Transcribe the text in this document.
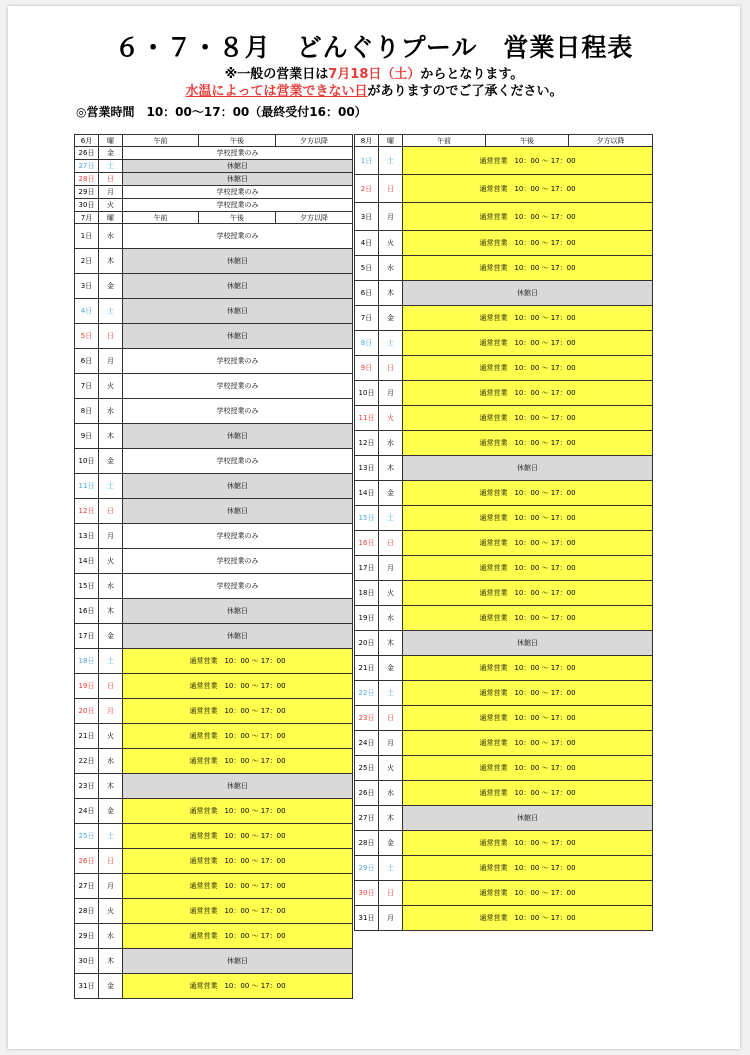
６・７・８月　どんぐりプール　営業日程表
※一般の営業日は7月18日（土）からとなります。
水温によっては営業できない日がありますのでご了承ください。
◎営業時間　10：00〜17：00（最終受付16：00）
6月	曜	午前	午後	夕方以降
26日	金	学校授業のみ		
27日	土	休館日		
28日	日	休館日		
29日	月	学校授業のみ		
30日	火	学校授業のみ		
7月	曜	午前	午後	夕方以降
1日	水	学校授業のみ		
2日	木	休館日		
3日	金	休館日		
4日	土	休館日		
5日	日	休館日		
6日	月	学校授業のみ		
7日	火	学校授業のみ		
8日	水	学校授業のみ		
9日	木	休館日		
10日	金	学校授業のみ		
11日	土	休館日		
12日	日	休館日		
13日	月	学校授業のみ		
14日	火	学校授業のみ		
15日	水	学校授業のみ		
16日	木	休館日		
17日	金	休館日		
18日	土	通常営業　10：00 〜 17：00		
19日	日	通常営業　10：00 〜 17：00		
20日	月	通常営業　10：00 〜 17：00		
21日	火	通常営業　10：00 〜 17：00		
22日	水	通常営業　10：00 〜 17：00		
23日	木	休館日		
24日	金	通常営業　10：00 〜 17：00		
25日	土	通常営業　10：00 〜 17：00		
26日	日	通常営業　10：00 〜 17：00		
27日	月	通常営業　10：00 〜 17：00		
28日	火	通常営業　10：00 〜 17：00		
29日	水	通常営業　10：00 〜 17：00		
30日	木	休館日		
31日	金	通常営業　10：00 〜 17：00		
8月	曜	午前	午後	夕方以降
1日	土	通常営業　10：00 〜 17：00		
2日	日	通常営業　10：00 〜 17：00		
3日	月	通常営業　10：00 〜 17：00		
4日	火	通常営業　10：00 〜 17：00		
5日	水	通常営業　10：00 〜 17：00		
6日	木	休館日		
7日	金	通常営業　10：00 〜 17：00		
8日	土	通常営業　10：00 〜 17：00		
9日	日	通常営業　10：00 〜 17：00		
10日	月	通常営業　10：00 〜 17：00		
11日	火	通常営業　10：00 〜 17：00		
12日	水	通常営業　10：00 〜 17：00		
13日	木	休館日		
14日	金	通常営業　10：00 〜 17：00		
15日	土	通常営業　10：00 〜 17：00		
16日	日	通常営業　10：00 〜 17：00		
17日	月	通常営業　10：00 〜 17：00		
18日	火	通常営業　10：00 〜 17：00		
19日	水	通常営業　10：00 〜 17：00		
20日	木	休館日		
21日	金	通常営業　10：00 〜 17：00		
22日	土	通常営業　10：00 〜 17：00		
23日	日	通常営業　10：00 〜 17：00		
24日	月	通常営業　10：00 〜 17：00		
25日	火	通常営業　10：00 〜 17：00		
26日	水	通常営業　10：00 〜 17：00		
27日	木	休館日		
28日	金	通常営業　10：00 〜 17：00		
29日	土	通常営業　10：00 〜 17：00		
30日	日	通常営業　10：00 〜 17：00		
31日	月	通常営業　10：00 〜 17：00		
